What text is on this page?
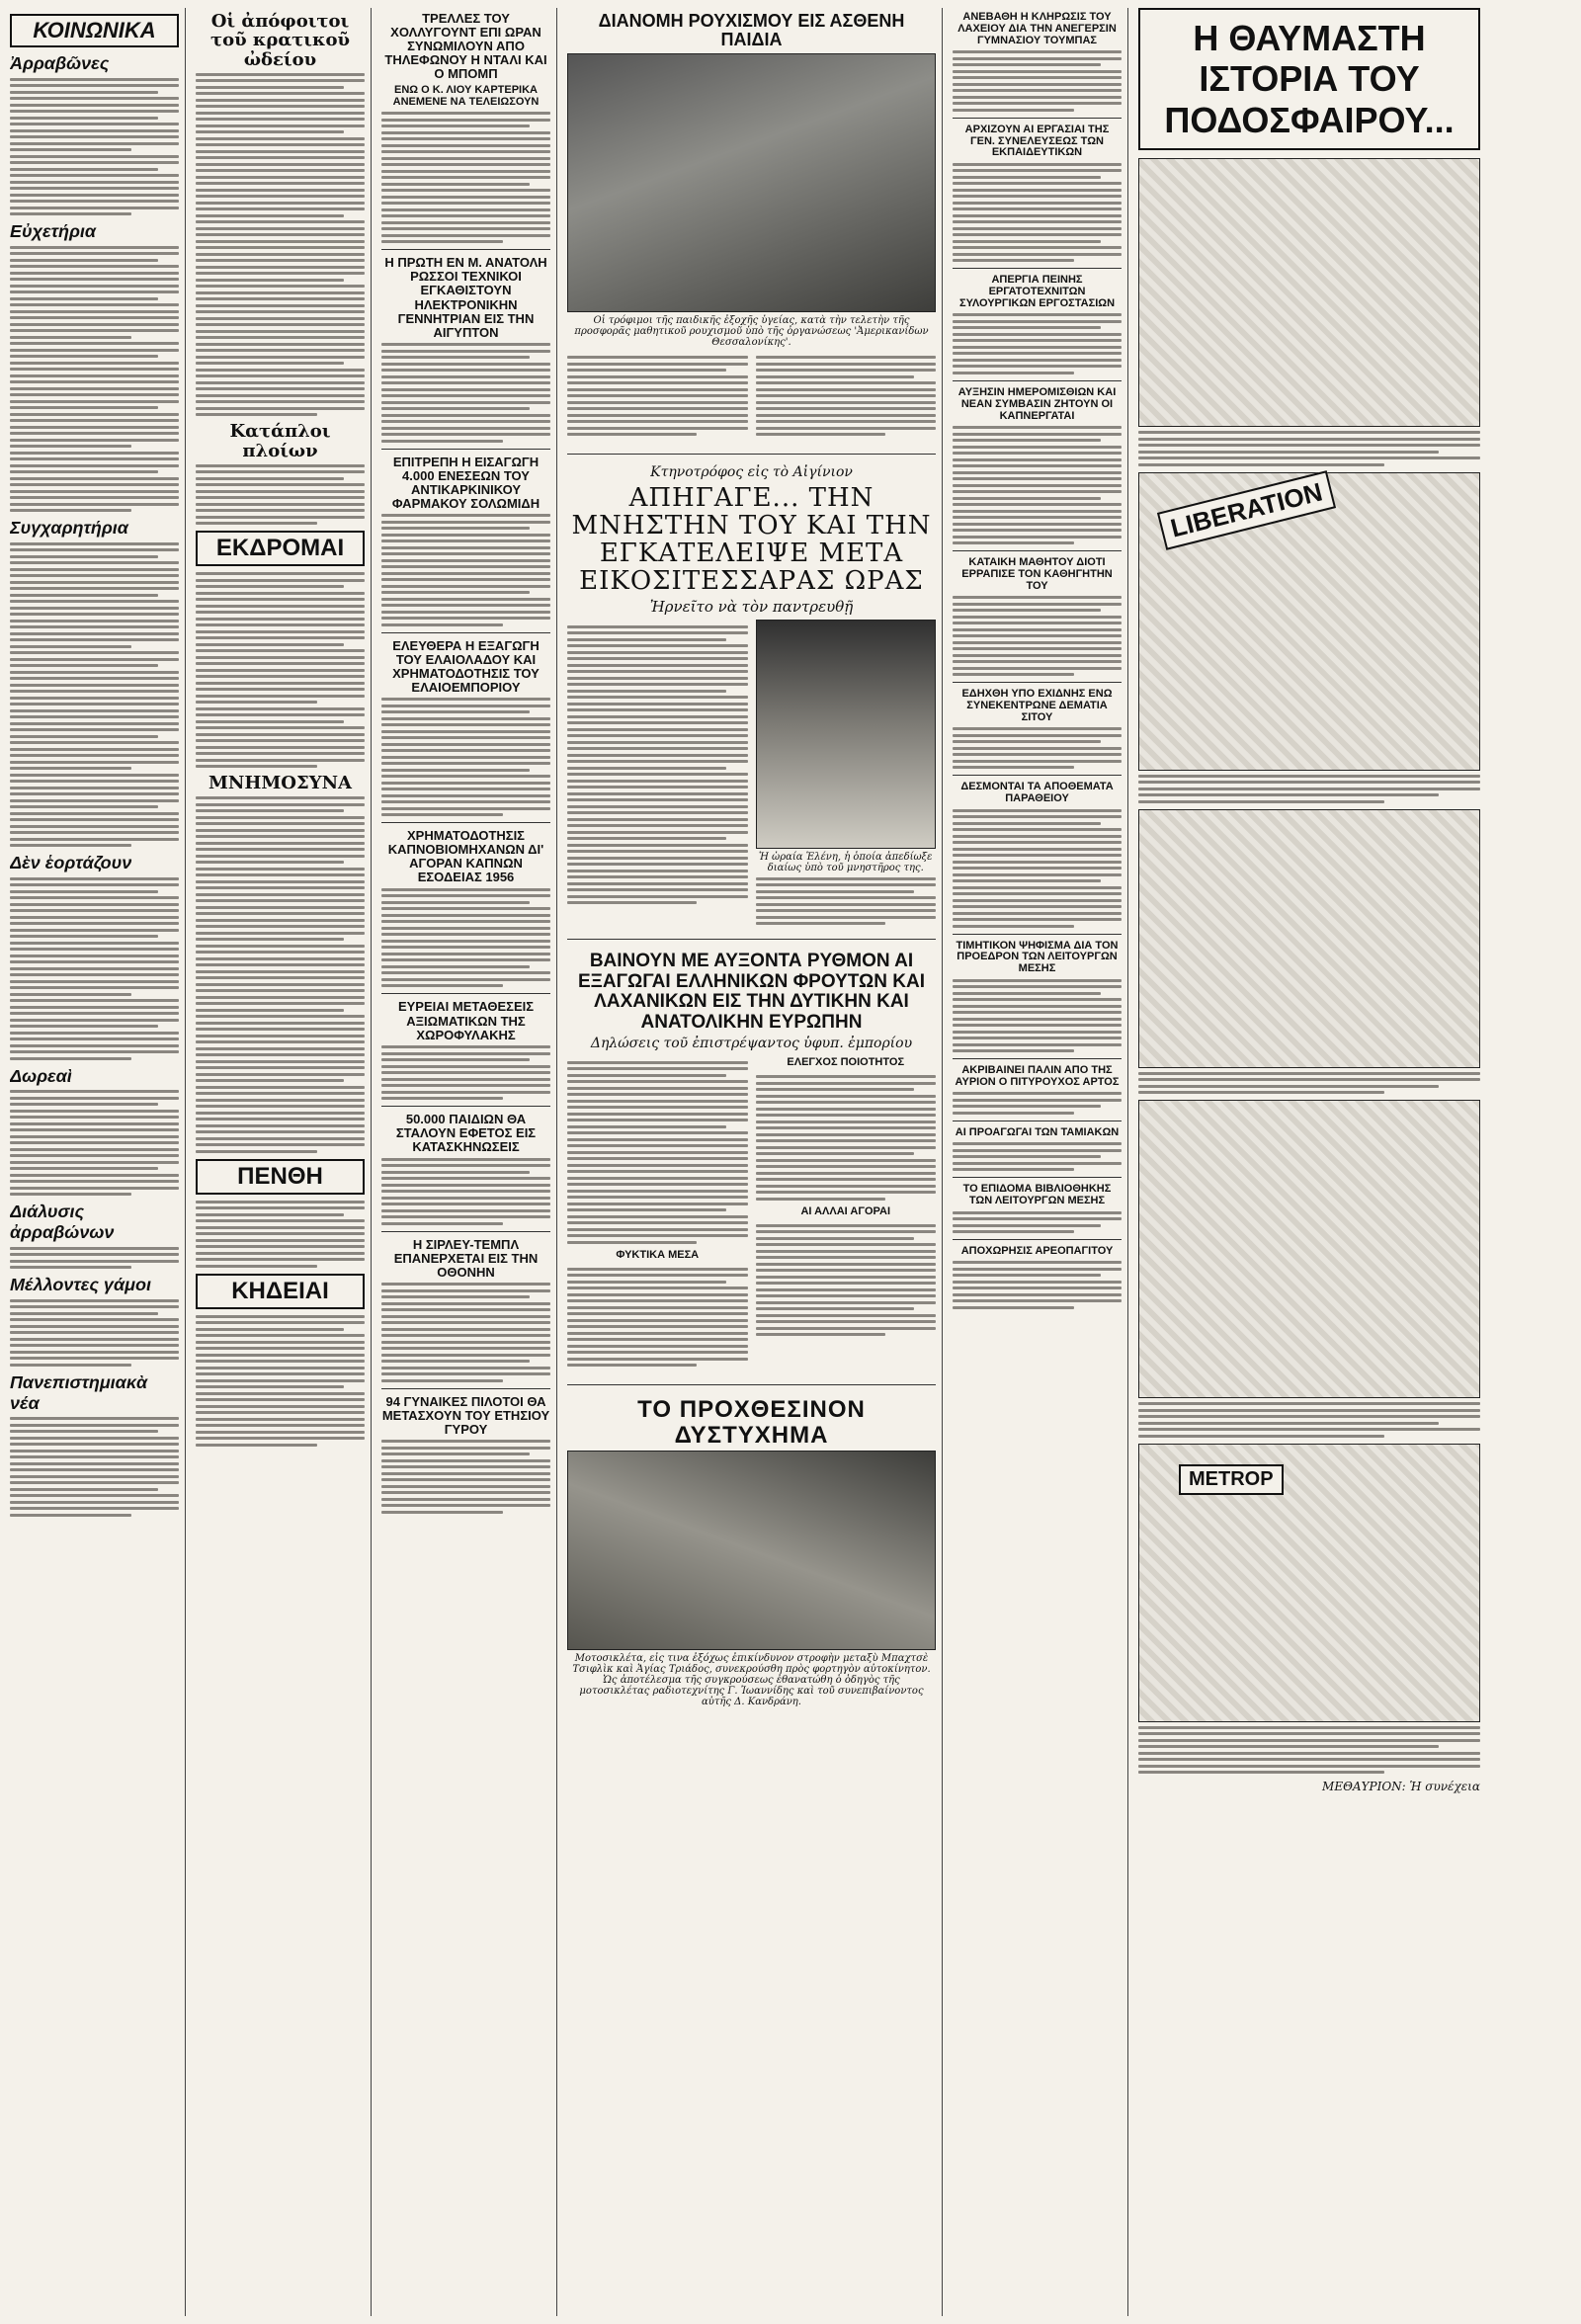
ΚΟΙΝΩΝΙΚΑ
Ἀρραβῶνες
Εὐχετήρια
Συγχαρητήρια
Δὲν ἑορτάζουν
Δωρεαὶ
Διάλυσις ἀρραβώνων
Μέλλοντες γάμοι
Πανεπιστημιακὰ νέα
Οἱ ἀπόφοιτοι τοῦ κρατικοῦ ὠδείου
Κατάπλοι πλοίων
ΕΚΔΡΟΜΑΙ
ΜΝΗΜΟΣΥΝΑ
ΠΕΝΘΗ
ΚΗΔΕΙΑΙ
ΤΡΕΛΛΕΣ ΤΟΥ ΧΟΛΛΥΓΟΥΝΤ ΕΠΙ ΩΡΑΝ ΣΥΝΩΜΙΛΟΥΝ ΑΠΟ ΤΗΛΕΦΩΝΟΥ Η ΝΤΑΛΙ ΚΑΙ Ο ΜΠΟΜΠ
ΕΝΩ Ο Κ. ΛΙΟΥ ΚΑΡΤΕΡΙΚΑ ΑΝΕΜΕΝΕ ΝΑ ΤΕΛΕΙΩΣΟΥΝ
Η ΠΡΩΤΗ ΕΝ Μ. ΑΝΑΤΟΛΗ ΡΩΣΣΟΙ ΤΕΧΝΙΚΟΙ ΕΓΚΑΘΙΣΤΟΥΝ ΗΛΕΚΤΡΟΝΙΚΗΝ ΓΕΝΝΗΤΡΙΑΝ ΕΙΣ ΤΗΝ ΑΙΓΥΠΤΟΝ
ΕΠΙΤΡΕΠΗ Η ΕΙΣΑΓΩΓΗ 4.000 ΕΝΕΣΕΩΝ ΤΟΥ ΑΝΤΙΚΑΡΚΙΝΙΚΟΥ ΦΑΡΜΑΚΟΥ ΣΟΛΩΜΙΔΗ
ΕΛΕΥΘΕΡΑ Η ΕΞΑΓΩΓΗ ΤΟΥ ΕΛΑΙΟΛΑΔΟΥ ΚΑΙ ΧΡΗΜΑΤΟΔΟΤΗΣΙΣ ΤΟΥ ΕΛΑΙΟΕΜΠΟΡΙΟΥ
ΧΡΗΜΑΤΟΔΟΤΗΣΙΣ ΚΑΠΝΟΒΙΟΜΗΧΑΝΩΝ ΔΙ' ΑΓΟΡΑΝ ΚΑΠΝΩΝ ΕΣΟΔΕΙΑΣ 1956
ΕΥΡΕΙΑΙ ΜΕΤΑΘΕΣΕΙΣ ΑΞΙΩΜΑΤΙΚΩΝ ΤΗΣ ΧΩΡΟΦΥΛΑΚΗΣ
50.000 ΠΑΙΔΙΩΝ ΘΑ ΣΤΑΛΟΥΝ ΕΦΕΤΟΣ ΕΙΣ ΚΑΤΑΣΚΗΝΩΣΕΙΣ
Η ΣΙΡΛΕΥ-ΤΕΜΠΛ ΕΠΑΝΕΡΧΕΤΑΙ ΕΙΣ ΤΗΝ ΟΘΟΝΗΝ
94 ΓΥΝΑΙΚΕΣ ΠΙΛΟΤΟΙ ΘΑ ΜΕΤΑΣΧΟΥΝ ΤΟΥ ΕΤΗΣΙΟΥ ΓΥΡΟΥ
ΔΙΑΝΟΜΗ ΡΟΥΧΙΣΜΟΥ ΕΙΣ ΑΣΘΕΝΗ ΠΑΙΔΙΑ
Οἱ τρόφιμοι τῆς παιδικῆς ἐξοχῆς ὑγείας, κατὰ τὴν τελετὴν τῆς προσφορᾶς μαθητικοῦ ρουχισμοῦ ὑπὸ τῆς ὀργανώσεως 'Ἀμερικανίδων Θεσσαλονίκης'.
Κτηνοτρόφος εἰς τὸ Αἰγίνιον
ΑΠΗΓΑΓΕ... ΤΗΝ ΜΝΗΣΤΗΝ ΤΟΥ ΚΑΙ ΤΗΝ ΕΓΚΑΤΕΛΕΙΨΕ ΜΕΤΑ ΕΙΚΟΣΙΤΕΣΣΑΡΑΣ ΩΡΑΣ
Ἠρνεῖτο νὰ τὸν παντρευθῇ
Ἡ ὡραία Ἑλένη, ἡ ὁποία ἀπεδίωξε διαίως ὑπὸ τοῦ μνηστῆρος της.
ΒΑΙΝΟΥΝ ΜΕ ΑΥΞΟΝΤΑ ΡΥΘΜΟΝ ΑΙ ΕΞΑΓΩΓΑΙ ΕΛΛΗΝΙΚΩΝ ΦΡΟΥΤΩΝ ΚΑΙ ΛΑΧΑΝΙΚΩΝ ΕΙΣ ΤΗΝ ΔΥΤΙΚΗΝ ΚΑΙ ΑΝΑΤΟΛΙΚΗΝ ΕΥΡΩΠΗΝ
Δηλώσεις τοῦ ἐπιστρέψαντος ὑφυπ. ἐμπορίου
ΦΥΚΤΙΚΑ ΜΕΣΑ
ΕΛΕΓΧΟΣ ΠΟΙΟΤΗΤΟΣ
ΑΙ ΑΛΛΑΙ ΑΓΟΡΑΙ
ΤΟ ΠΡΟΧΘΕΣΙΝΟΝ ΔΥΣΤΥΧΗΜΑ
Μοτοσικλέτα, εἰς τινα ἐξόχως ἐπικίνδυνον στροφὴν μεταξὺ Μπαχτσὲ Τσιφλὶκ καὶ Ἁγίας Τριάδος, συνεκρούσθη πρὸς φορτηγὸν αὐτοκίνητον. Ὡς ἀποτέλεσμα τῆς συγκρούσεως ἐθανατώθη ὁ ὁδηγὸς τῆς μοτοσικλέτας ραδιοτεχνίτης Γ. Ἰωαννίδης καὶ τοῦ συνεπιβαίνοντος αὐτῆς Δ. Κανδράνη.
ΑΝΕΒΑΘΗ Η ΚΛΗΡΩΣΙΣ ΤΟΥ ΛΑΧΕΙΟΥ ΔΙΑ ΤΗΝ ΑΝΕΓΕΡΣΙΝ ΓΥΜΝΑΣΙΟΥ ΤΟΥΜΠΑΣ
ΑΡΧΙΖΟΥΝ ΑΙ ΕΡΓΑΣΙΑΙ ΤΗΣ ΓΕΝ. ΣΥΝΕΛΕΥΣΕΩΣ ΤΩΝ ΕΚΠΑΙΔΕΥΤΙΚΩΝ
ΑΠΕΡΓΙΑ ΠΕΙΝΗΣ ΕΡΓΑΤΟΤΕΧΝΙΤΩΝ ΣΥΛΟΥΡΓΙΚΩΝ ΕΡΓΟΣΤΑΣΙΩΝ
ΑΥΞΗΣΙΝ ΗΜΕΡΟΜΙΣΘΙΩΝ ΚΑΙ ΝΕΑΝ ΣΥΜΒΑΣΙΝ ΖΗΤΟΥΝ ΟΙ ΚΑΠΝΕΡΓΑΤΑΙ
ΚΑΤΑΙΚΗ ΜΑΘΗΤΟΥ ΔΙΟΤΙ ΕΡΡΑΠΙΣΕ ΤΟΝ ΚΑΘΗΓΗΤΗΝ ΤΟΥ
ΕΔΗΧΘΗ ΥΠΟ ΕΧΙΔΝΗΣ ΕΝΩ ΣΥΝΕΚΕΝΤΡΩΝΕ ΔΕΜΑΤΙΑ ΣΙΤΟΥ
ΔΕΣΜΟΝΤΑΙ ΤΑ ΑΠΟΘΕΜΑΤΑ ΠΑΡΑΘΕΙΟΥ
ΤΙΜΗΤΙΚΟΝ ΨΗΦΙΣΜΑ ΔΙΑ ΤΟΝ ΠΡΟΕΔΡΟΝ ΤΩΝ ΛΕΙΤΟΥΡΓΩΝ ΜΕΣΗΣ
ΑΚΡΙΒΑΙΝΕΙ ΠΑΛΙΝ ΑΠΟ ΤΗΣ ΑΥΡΙΟΝ Ο ΠΙΤΥΡΟΥΧΟΣ ΑΡΤΟΣ
ΑΙ ΠΡΟΑΓΩΓΑΙ ΤΩΝ ΤΑΜΙΑΚΩΝ
ΤΟ ΕΠΙΔΟΜΑ ΒΙΒΛΙΟΘΗΚΗΣ ΤΩΝ ΛΕΙΤΟΥΡΓΩΝ ΜΕΣΗΣ
ΑΠΟΧΩΡΗΣΙΣ ΑΡΕΟΠΑΓΙΤΟΥ
Η ΘΑΥΜΑΣΤΗ ΙΣΤΟΡΙΑ ΤΟΥ ΠΟΔΟΣΦΑΙΡΟΥ...
LIBERATION
METROP
ΜΕΘΑΥΡΙΟΝ: Ἡ συνέχεια
